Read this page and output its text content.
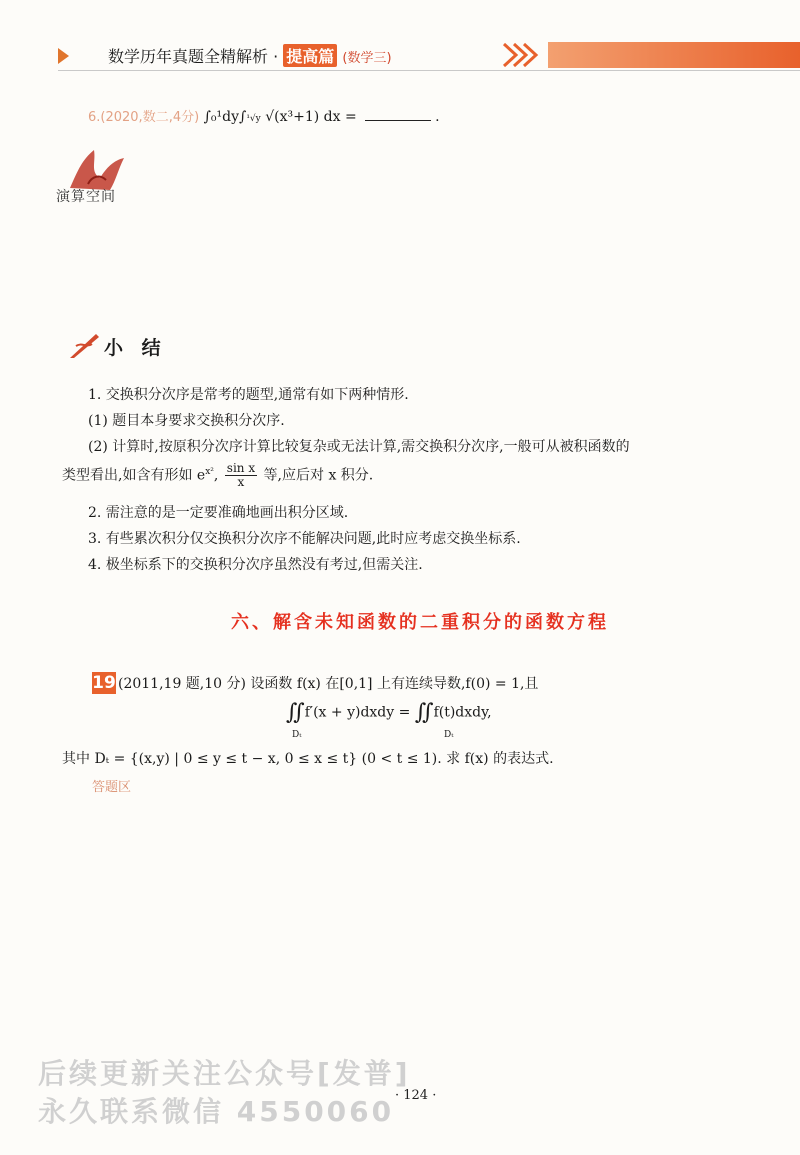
数学历年真题全精解析 · 提高篇 (数学三)
6.(2020,数二,4分) ∫₀¹dy∫¹√y √(x³+1) dx =	.
演算空间
小 结
1. 交换积分次序是常考的题型,通常有如下两种情形.
(1) 题目本身要求交换积分次序.
(2) 计算时,按原积分次序计算比较复杂或无法计算,需交换积分次序,一般可从被积函数的
类型看出,如含有形如 $e^{x^2}$, $\frac{\text{sin x}}{x}$ 等,应后对 x 积分.
2. 需注意的是一定要准确地画出积分区域.
3. 有些累次积分仅交换积分次序不能解决问题,此时应考虑交换坐标系.
4. 极坐标系下的交换积分次序虽然没有考过,但需关注.
六、解含未知函数的二重积分的函数方程
19 (2011,19 题,10 分) 设函数 f(x) 在[0,1] 上有连续导数,f(0) = 1,且
∬f′(x + y)dxdy = ∬f(t)dxdy,
Dₜ	Dₜ
其中 Dₜ = {(x,y) | 0 ≤ y ≤ t − x, 0 ≤ x ≤ t} (0 < t ≤ 1). 求 f(x) 的表达式.
答题区
· 124 ·
后续更新关注公众号[发普]
永久联系微信 4550060
